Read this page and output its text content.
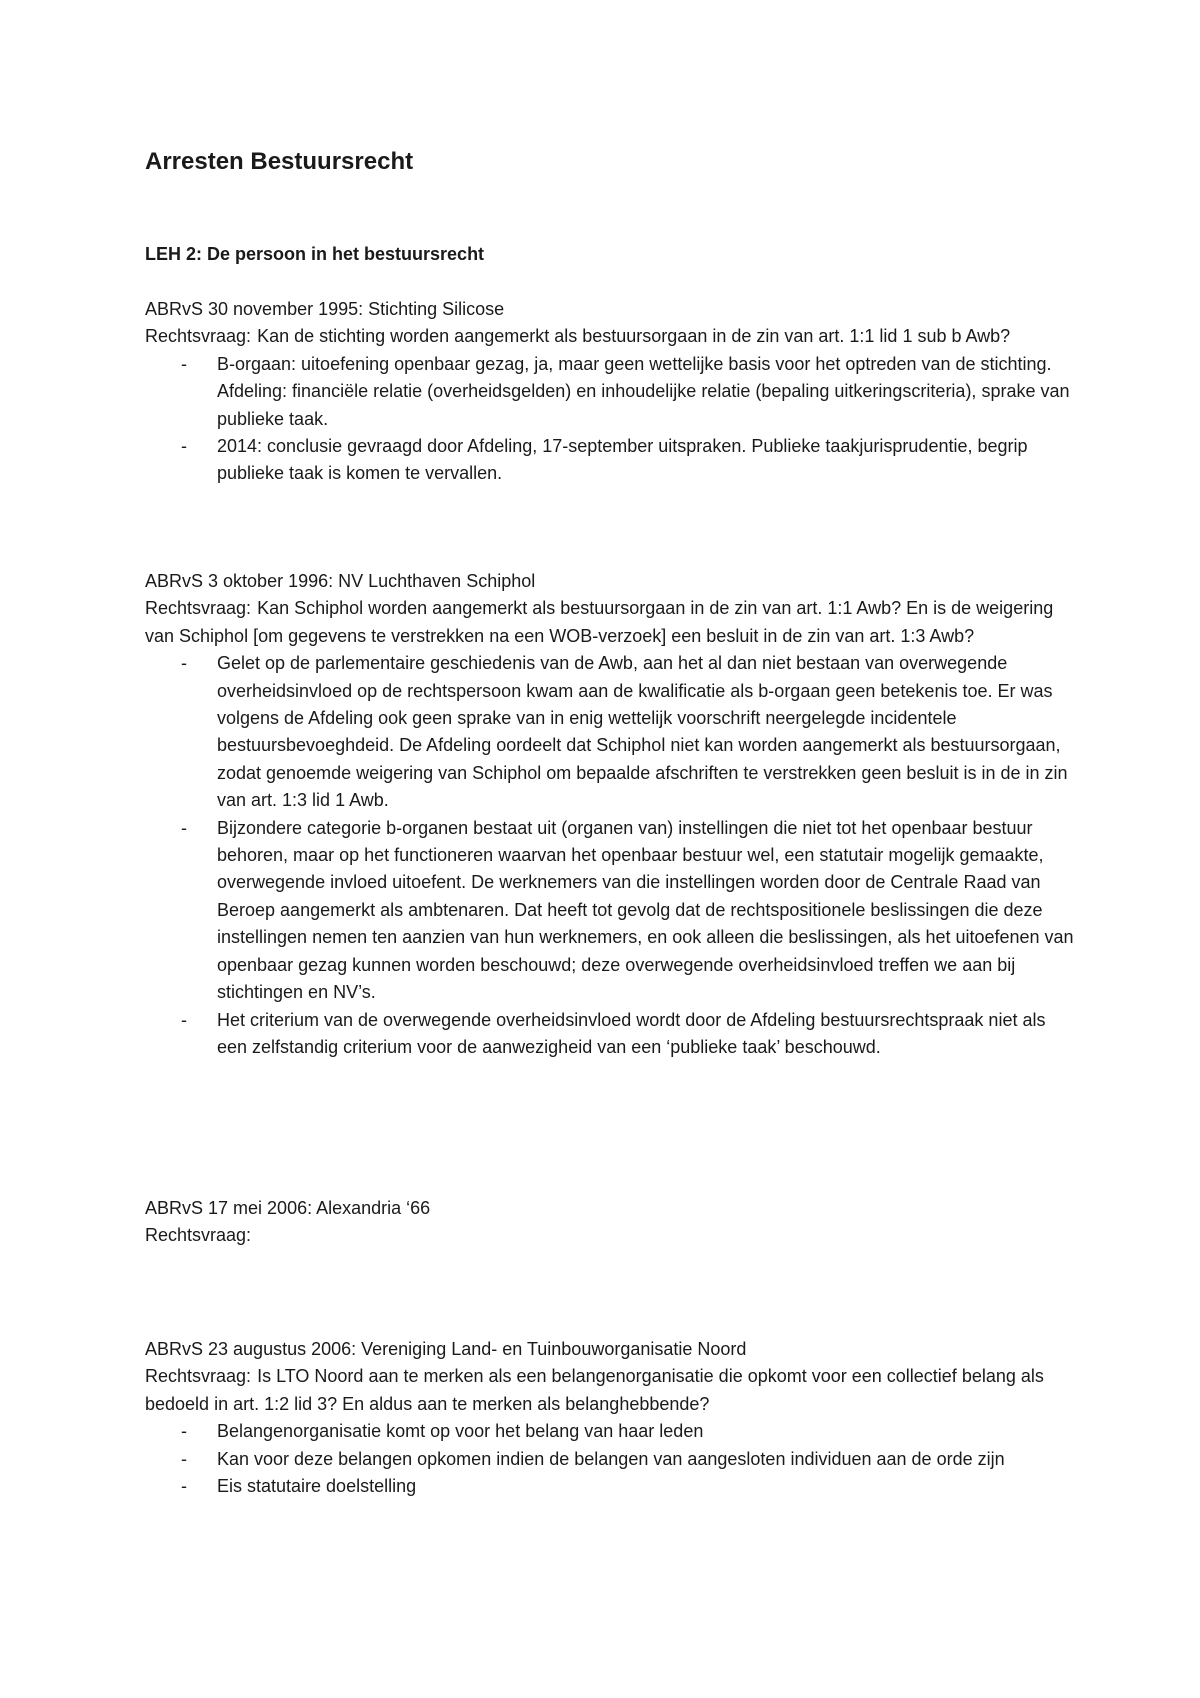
Arresten Bestuursrecht
LEH 2: De persoon in het bestuursrecht

ABRvS 30 november 1995: Stichting Silicose

Rechtsvraag: Kan de stichting worden aangemerkt als bestuursorgaan in de zin van art. 1:1 lid 1 sub b Awb?

- B-orgaan: uitoefening openbaar gezag, ja, maar geen wettelijke basis voor het optreden van de stichting. Afdeling: financiële relatie (overheidsgelden) en inhoudelijke relatie (bepaling uitkeringscriteria), sprake van publieke taak.
- 2014: conclusie gevraagd door Afdeling, 17-september uitspraken. Publieke taakjurisprudentie, begrip publieke taak is komen te vervallen.

ABRvS 3 oktober 1996: NV Luchthaven Schiphol

Rechtsvraag: Kan Schiphol worden aangemerkt als bestuursorgaan in de zin van art. 1:1 Awb? En is de weigering van Schiphol [om gegevens te verstrekken na een WOB-verzoek] een besluit in de zin van art. 1:3 Awb?

- Gelet op de parlementaire geschiedenis van de Awb, aan het al dan niet bestaan van overwegende overheidsinvloed op de rechtspersoon kwam aan de kwalificatie als b-orgaan geen betekenis toe. Er was volgens de Afdeling ook geen sprake van in enig wettelijk voorschrift neergelegde incidentele bestuursbevoeghdeid. De Afdeling oordeelt dat Schiphol niet kan worden aangemerkt als bestuursorgaan, zodat genoemde weigering van Schiphol om bepaalde afschriften te verstrekken geen besluit is in de in zin van art. 1:3 lid 1 Awb.
- Bijzondere categorie b-organen bestaat uit (organen van) instellingen die niet tot het openbaar bestuur behoren, maar op het functioneren waarvan het openbaar bestuur wel, een statutair mogelijk gemaakte, overwegende invloed uitoefent. De werknemers van die instellingen worden door de Centrale Raad van Beroep aangemerkt als ambtenaren. Dat heeft tot gevolg dat de rechtspositionele beslissingen die deze instellingen nemen ten aanzien van hun werknemers, en ook alleen die beslissingen, als het uitoefenen van openbaar gezag kunnen worden beschouwd; deze overwegende overheidsinvloed treffen we aan bij stichtingen en NV’s.
- Het criterium van de overwegende overheidsinvloed wordt door de Afdeling bestuursrechtspraak niet als een zelfstandig criterium voor de aanwezigheid van een ‘publieke taak’ beschouwd.

ABRvS 17 mei 2006: Alexandria ‘66

Rechtsvraag:

ABRvS 23 augustus 2006: Vereniging Land- en Tuinbouworganisatie Noord

Rechtsvraag: Is LTO Noord aan te merken als een belangenorganisatie die opkomt voor een collectief belang als bedoeld in art. 1:2 lid 3? En aldus aan te merken als belanghebbende?

- Belangenorganisatie komt op voor het belang van haar leden
- Kan voor deze belangen opkomen indien de belangen van aangesloten individuen aan de orde zijn
- Eis statutaire doelstelling
